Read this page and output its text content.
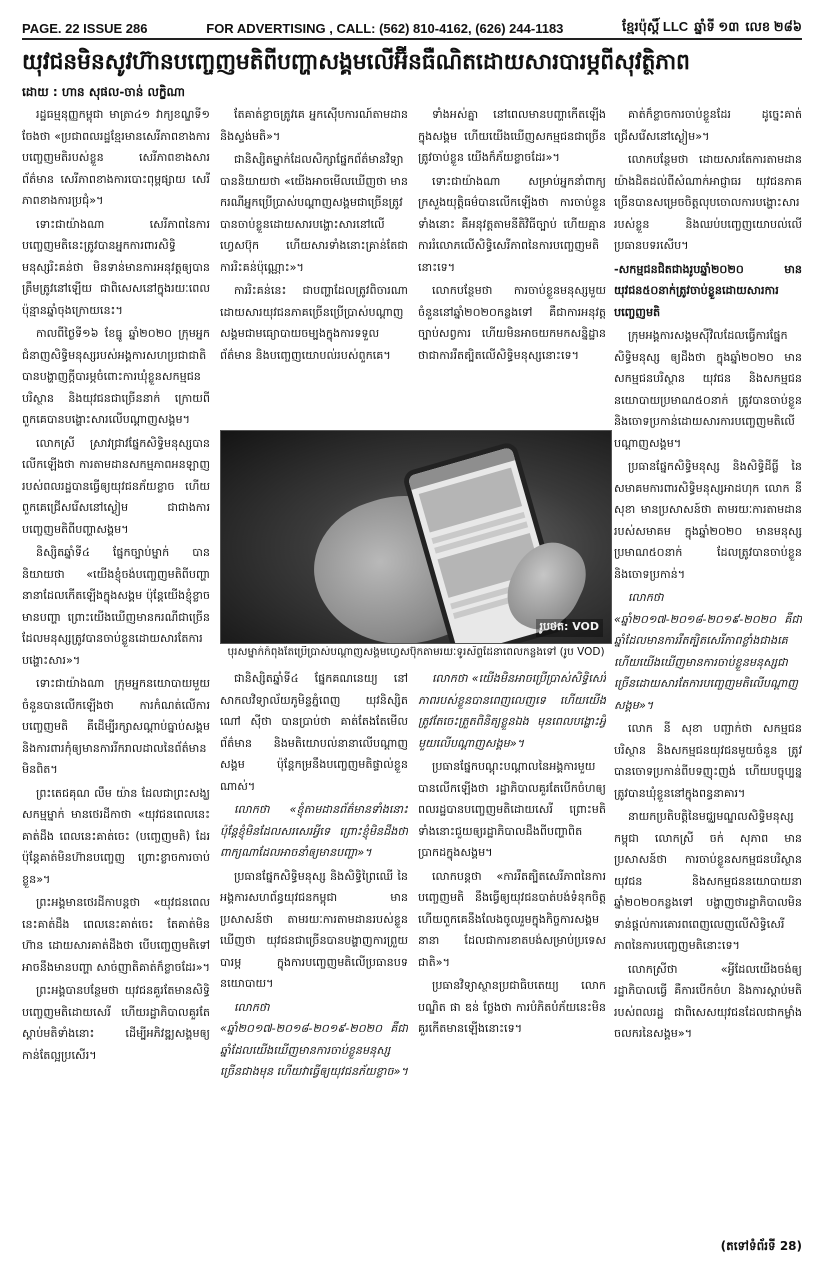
PAGE. 22 ISSUE 286	FOR ADVERTISING , CALL: (562) 810-4162, (626) 244-1183	ខ្មែរប៉ុស្តិ៍ LLC ឆ្នាំទី ១៣ លេខ ២៨៦
យុវជនមិនសូវហ៊ានបញ្ចេញមតិពីបញ្ហាសង្គមលើអ៊ីនធឺណិតដោយសារបារម្ភពីសុវត្ថិភាព
ដោយ : ហាន សុផល-ចាន់ លក្ខិណា

រដ្ឋធម្មនុញ្ញកម្ពុជា មាត្រា៤១ វាក្យខណ្ឌទី១ ចែងថា «ប្រជាពលរដ្ឋខ្មែរមានសេរីភាពខាងការបញ្ចេញមតិរបស់ខ្លួន សេរីភាពខាងសារព័ត៌មាន សេរីភាពខាងការបោះពុម្ពផ្សាយ សេរីភាពខាងការប្រជុំ»។

ទោះជាយ៉ាងណា សេរីភាពនៃការបញ្ចេញមតិនេះត្រូវបានអ្នកការពារសិទ្ធិមនុស្សរិះគន់ថា មិនទាន់មានការអនុវត្តឲ្យបានត្រឹមត្រូវនៅឡើយ ជាពិសេសនៅក្នុងរយៈពេលប៉ុន្មានឆ្នាំចុងក្រោយនេះ។

កាលពីថ្ងៃទី១៦ ខែធ្នូ ឆ្នាំ២០២០ ក្រុមអ្នកជំនាញសិទ្ធិមនុស្សរបស់អង្គការសហប្រជាជាតិបានបង្ហាញក្តីបារម្ភចំពោះការឃុំខ្លួនសកម្មជនបរិស្ថាន និងយុវជនជាច្រើននាក់ ក្រោយពីពួកគេបានបង្ហោះសារលើបណ្តាញសង្គម។

លោកស្រី ស្រាវជ្រាវផ្នែកសិទ្ធិមនុស្សបានលើកឡើងថា ការតាមដានសកម្មភាពអនឡាញរបស់ពលរដ្ឋបានធ្វើឲ្យយុវជនភ័យខ្លាច ហើយពួកគេជ្រើសរើសនៅស្ងៀម ជាជាងការបញ្ចេញមតិពីបញ្ហាសង្គម។

និស្សិតឆ្នាំទី៤ ផ្នែកច្បាប់ម្នាក់ បាននិយាយថា «យើងខ្ញុំចង់បញ្ចេញមតិពីបញ្ហានានាដែលកើតឡើងក្នុងសង្គម ប៉ុន្តែយើងខ្ញុំខ្លាចមានបញ្ហា ព្រោះយើងឃើញមានករណីជាច្រើនដែលមនុស្សត្រូវបានចាប់ខ្លួនដោយសារតែការបង្ហោះសារ»។

ទោះជាយ៉ាងណា ក្រុមអ្នកនយោបាយមួយចំនួនបានលើកឡើងថា ការកំណត់លើការបញ្ចេញមតិ គឺដើម្បីរក្សាសណ្តាប់ធ្នាប់សង្គម និងការពារកុំឲ្យមានការរីករាលដាលនៃព័ត៌មានមិនពិត។

ព្រះតេជគុណ លឹម យ៉ាន ដែលជាព្រះសង្ឃសកម្មម្នាក់ មានថេរដីកាថា «យុវជនពេលនេះគាត់ដឹង ពេលនេះគាត់ចេះ (បញ្ចេញមតិ) ដែរ ប៉ុន្តែគាត់មិនហ៊ានបញ្ចេញ ព្រោះខ្លាចការចាប់ខ្លួន»។

ព្រះអង្គមានថេរដីកាបន្តថា «យុវជនពេលនេះគាត់ដឹង ពេលនេះគាត់ចេះ តែគាត់មិនហ៊ាន ដោយសារគាត់ដឹងថា បើបញ្ចេញមតិទៅអាចនឹងមានបញ្ហា សាច់ញាតិគាត់ក៏ខ្លាចដែរ»។

ព្រះអង្គបានបន្ថែមថា យុវជនគួរតែមានសិទ្ធិបញ្ចេញមតិដោយសេរី ហើយរដ្ឋាភិបាលគួរតែស្តាប់មតិទាំងនោះ ដើម្បីអភិវឌ្ឍសង្គមឲ្យកាន់តែល្អប្រសើរ។

តែគាត់ខ្លាចត្រូវគេ អ្នកស៊ើបការណ៍តាមដាន និងស្ទង់មតិ»។

ជានិស្សិតម្នាក់ដែលសិក្សាផ្នែកព័ត៌មានវិទ្យា បាននិយាយថា «យើងអាចមើលឃើញថា មានករណីអ្នកប្រើប្រាស់បណ្តាញសង្គមជាច្រើនត្រូវបានចាប់ខ្លួនដោយសារបង្ហោះសារនៅលើហ្វេសប៊ុក ហើយសារទាំងនោះគ្រាន់តែជាការរិះគន់ប៉ុណ្ណោះ»។

ការរិះគន់នេះ ជាបញ្ហាដែលត្រូវពិចារណា ដោយសារយុវជនភាគច្រើនប្រើប្រាស់បណ្តាញសង្គមជាមធ្យោបាយចម្បងក្នុងការទទួលព័ត៌មាន និងបញ្ចេញយោបល់របស់ពួកគេ។

ទាំងអស់គ្នា នៅពេលមានបញ្ហាកើតឡើងក្នុងសង្គម ហើយយើងឃើញសកម្មជនជាច្រើនត្រូវចាប់ខ្លួន យើងក៏ភ័យខ្លាចដែរ»។

ទោះជាយ៉ាងណា សម្រាប់អ្នកនាំពាក្យក្រសួងយុត្តិធម៌បានលើកឡើងថា ការចាប់ខ្លួនទាំងនោះ គឺអនុវត្តតាមនីតិវិធីច្បាប់ ហើយគ្មានការរំលោភលើសិទ្ធិសេរីភាពនៃការបញ្ចេញមតិនោះទេ។

លោកបន្ថែមថា ការចាប់ខ្លួនមនុស្សមួយចំនួននៅឆ្នាំ២០២០កន្លងទៅ គឺជាការអនុវត្តច្បាប់សព្វការ ហើយមិនអាចយកមកសន្និដ្ឋានថាជាការរឹតត្បិតលើសិទ្ធិមនុស្សនោះទេ។

រូបថត: VOD
បុរសម្នាក់កំពុងតែប្រើប្រាស់បណ្តាញសង្គមហ្វេសប៊ុកតាមរយៈទូរស័ព្ទដៃនាពេលកន្លងទៅ (រូប VOD)

ជានិស្សិតឆ្នាំទី៤ ផ្នែកគណនេយ្យ នៅសាកលវិទ្យាល័យភូមិន្ទភ្នំពេញ យុវនិស្សិត ណៅ ស៊ីថា បានប្រាប់ថា គាត់តែងតែមើលព័ត៌មាន និងមតិយោបល់នានាលើបណ្តាញសង្គម ប៉ុន្តែកម្រនឹងបញ្ចេញមតិផ្ទាល់ខ្លួនណាស់។

លោកថា «ខ្ញុំតាមដានព័ត៌មានទាំងនោះ ប៉ុន្តែខ្ញុំមិនដែលសរសេរអ្វីទេ ព្រោះខ្ញុំមិនដឹងថា ពាក្យណាដែលអាចនាំឲ្យមានបញ្ហា»។

ប្រធានផ្នែកសិទ្ធិមនុស្ស និងសិទ្ធិព្រៃឈើ នៃអង្គការសហព័ន្ធយុវជនកម្ពុជា មានប្រសាសន៍ថា តាមរយៈការតាមដានរបស់ខ្លួនឃើញថា យុវជនជាច្រើនបានបង្ហាញការព្រួយបារម្ភ ក្នុងការបញ្ចេញមតិលើប្រធានបទនយោបាយ។

លោកថា «ឆ្នាំ២០១៧-២០១៨-២០១៩-២០២០ គឺជាឆ្នាំដែលយើងឃើញមានការចាប់ខ្លួនមនុស្សច្រើនជាងមុន ហើយវាធ្វើឲ្យយុវជនភ័យខ្លាច»។

លោកថា «យើងមិនអាចប្រើប្រាស់សិទ្ធិសេរីភាពរបស់ខ្លួនបានពេញលេញទេ ហើយយើងត្រូវតែចេះត្រួតពិនិត្យខ្លួនឯង មុនពេលបង្ហោះអ្វីមួយលើបណ្តាញសង្គម»។

ប្រធានផ្នែកបណ្តុះបណ្តាលនៃអង្គការមួយ បានលើកឡើងថា រដ្ឋាភិបាលគួរតែបើកចំហឲ្យពលរដ្ឋបានបញ្ចេញមតិដោយសេរី ព្រោះមតិទាំងនោះជួយឲ្យរដ្ឋាភិបាលដឹងពីបញ្ហាពិតប្រាកដក្នុងសង្គម។

លោកបន្តថា «ការរឹតត្បិតសេរីភាពនៃការបញ្ចេញមតិ នឹងធ្វើឲ្យយុវជនបាត់បង់ទំនុកចិត្ត ហើយពួកគេនឹងលែងចូលរួមក្នុងកិច្ចការសង្គមនានា ដែលជាការខាតបង់សម្រាប់ប្រទេសជាតិ»។

ប្រធានវិទ្យាស្ថានប្រជាធិបតេយ្យ លោក បណ្ឌិត ផា ឌន់ ថ្លែងថា ការបំភិតបំភ័យនេះមិនគួរកើតមានឡើងនោះទេ។

គាត់ក៏ខ្លាចការចាប់ខ្លួនដែរ ដូច្នេះគាត់ជ្រើសរើសនៅស្ងៀម»។

លោកបន្ថែមថា ដោយសារតែការតាមដានយ៉ាងដិតដល់ពីសំណាក់អាជ្ញាធរ យុវជនភាគច្រើនបានសម្រេចចិត្តលុបចោលការបង្ហោះសាររបស់ខ្លួន និងឈប់បញ្ចេញយោបល់លើប្រធានបទរសើប។

-សកម្មជនជិតជាងរូបឆ្នាំ២០២០ មានយុវជន៥០នាក់ត្រូវចាប់ខ្លួនដោយសារការបញ្ចេញមតិ

ក្រុមអង្គការសង្គមស៊ីវិលដែលធ្វើការផ្នែកសិទ្ធិមនុស្ស ឲ្យដឹងថា ក្នុងឆ្នាំ២០២០ មានសកម្មជនបរិស្ថាន យុវជន និងសកម្មជននយោបាយប្រមាណ៥០នាក់ ត្រូវបានចាប់ខ្លួន និងចោទប្រកាន់ដោយសារការបញ្ចេញមតិលើបណ្តាញសង្គម។

ប្រធានផ្នែកសិទ្ធិមនុស្ស និងសិទ្ធិដីធ្លី នៃសមាគមការពារសិទ្ធិមនុស្សអាដហុក លោក នី សុខា មានប្រសាសន៍ថា តាមរយៈការតាមដានរបស់សមាគម ក្នុងឆ្នាំ២០២០ មានមនុស្សប្រមាណ៥០នាក់ ដែលត្រូវបានចាប់ខ្លួន និងចោទប្រកាន់។

លោកថា «ឆ្នាំ២០១៧-២០១៨-២០១៩-២០២០ គឺជាឆ្នាំដែលមានការរឹតត្បិតសេរីភាពខ្លាំងជាងគេ ហើយយើងឃើញមានការចាប់ខ្លួនមនុស្សជាច្រើនដោយសារតែការបញ្ចេញមតិលើបណ្តាញសង្គម»។

លោក នី សុខា បញ្ជាក់ថា សកម្មជនបរិស្ថាន និងសកម្មជនយុវជនមួយចំនួន ត្រូវបានចោទប្រកាន់ពីបទញុះញង់ ហើយបច្ចុប្បន្នត្រូវបានឃុំខ្លួននៅក្នុងពន្ធនាគារ។

នាយកប្រតិបត្តិនៃមជ្ឈមណ្ឌលសិទ្ធិមនុស្សកម្ពុជា លោកស្រី ចក់ សុភាព មានប្រសាសន៍ថា ការចាប់ខ្លួនសកម្មជនបរិស្ថាន យុវជន និងសកម្មជននយោបាយនាឆ្នាំ២០២០កន្លងទៅ បង្ហាញថារដ្ឋាភិបាលមិនទាន់ផ្តល់ការគោរពពេញលេញលើសិទ្ធិសេរីភាពនៃការបញ្ចេញមតិនោះទេ។

លោកស្រីថា «អ្វីដែលយើងចង់ឲ្យរដ្ឋាភិបាលធ្វើ គឺការបើកចំហ និងការស្តាប់មតិរបស់ពលរដ្ឋ ជាពិសេសយុវជនដែលជាកម្លាំងចលករនៃសង្គម»។

(តទៅទំព័រទី 28)
